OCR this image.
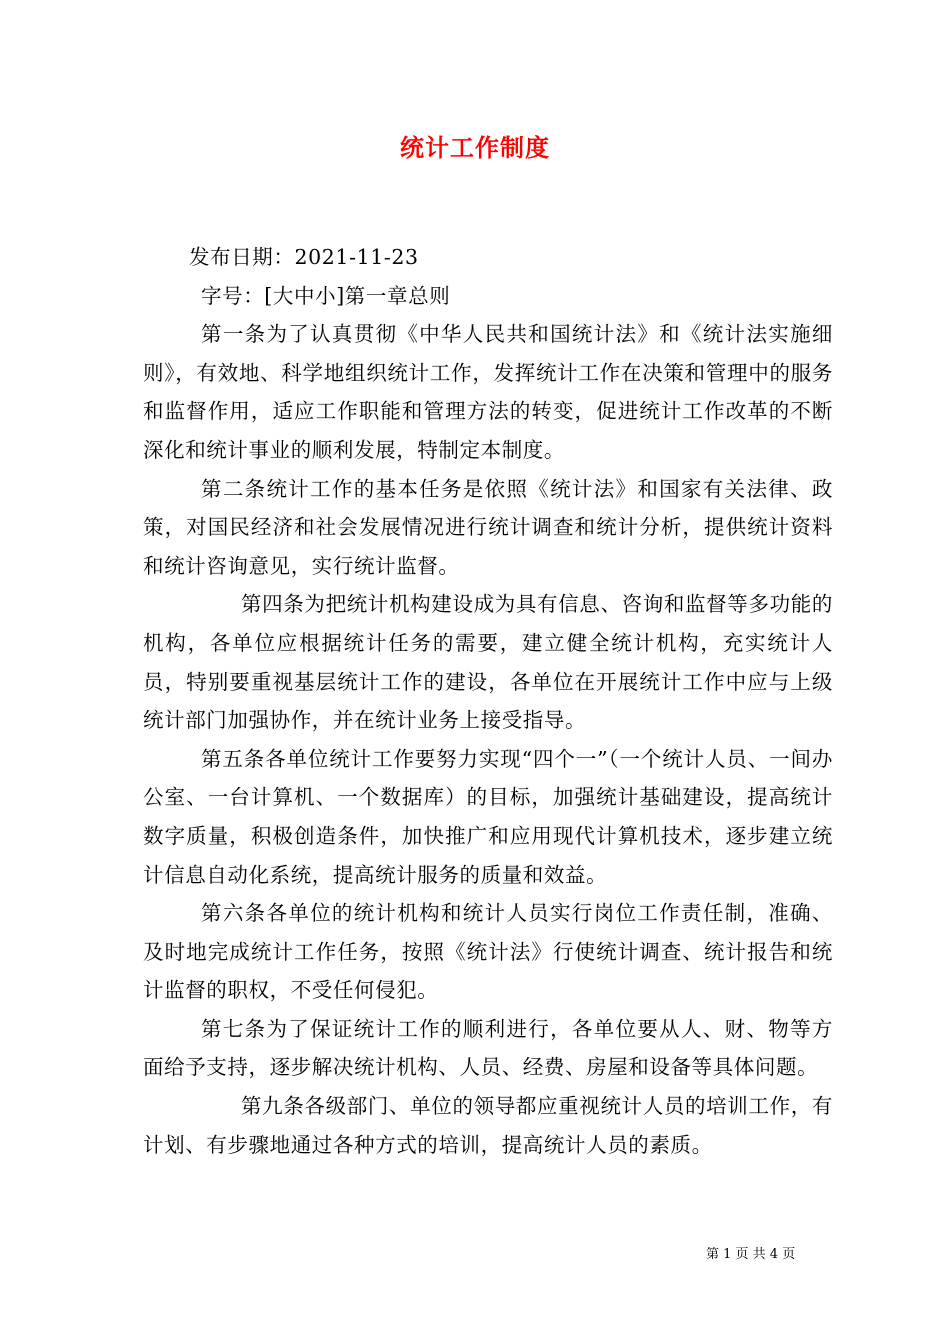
统计工作制度

发布日期：2021-11-23

字号：[大中小]第一章总则

第一条为了认真贯彻《中华人民共和国统计法》和《统计法实施细则》，有效地、科学地组织统计工作，发挥统计工作在决策和管理中的服务和监督作用，适应工作职能和管理方法的转变，促进统计工作改革的不断深化和统计事业的顺利发展，特制定本制度。

第二条统计工作的基本任务是依照《统计法》和国家有关法律、政策，对国民经济和社会发展情况进行统计调查和统计分析，提供统计资料和统计咨询意见，实行统计监督。

第四条为把统计机构建设成为具有信息、咨询和监督等多功能的机构，各单位应根据统计任务的需要，建立健全统计机构，充实统计人员，特别要重视基层统计工作的建设，各单位在开展统计工作中应与上级统计部门加强协作，并在统计业务上接受指导。

第五条各单位统计工作要努力实现“四个一”（一个统计人员、一间办公室、一台计算机、一个数据库）的目标，加强统计基础建设，提高统计数字质量，积极创造条件，加快推广和应用现代计算机技术，逐步建立统计信息自动化系统，提高统计服务的质量和效益。

第六条各单位的统计机构和统计人员实行岗位工作责任制，准确、及时地完成统计工作任务，按照《统计法》行使统计调查、统计报告和统计监督的职权，不受任何侵犯。

第七条为了保证统计工作的顺利进行，各单位要从人、财、物等方面给予支持，逐步解决统计机构、人员、经费、房屋和设备等具体问题。

第九条各级部门、单位的领导都应重视统计人员的培训工作，有计划、有步骤地通过各种方式的培训，提高统计人员的素质。

第 1 页 共 4 页
